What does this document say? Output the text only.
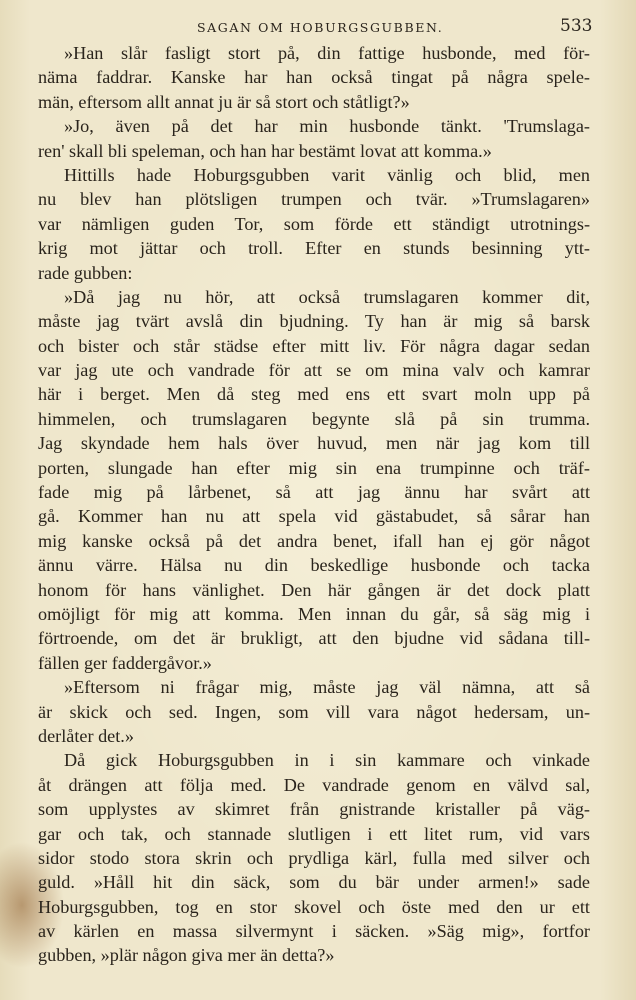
SAGAN OM HOBURGSGUBBEN.	533
»Han slår fasligt stort på, din fattige husbonde, med för-
näma faddrar. Kanske har han också tingat på några spele-
män, eftersom allt annat ju är så stort och ståtligt?»
»Jo, även på det har min husbonde tänkt. 'Trumslaga-
ren' skall bli speleman, och han har bestämt lovat att komma.»
Hittills hade Hoburgsgubben varit vänlig och blid, men
nu blev han plötsligen trumpen och tvär. »Trumslagaren»
var nämligen guden Tor, som förde ett ständigt utrotnings-
krig mot jättar och troll. Efter en stunds besinning ytt-
rade gubben:
»Då jag nu hör, att också trumslagaren kommer dit,
måste jag tvärt avslå din bjudning. Ty han är mig så barsk
och bister och står städse efter mitt liv. För några dagar sedan
var jag ute och vandrade för att se om mina valv och kamrar
här i berget. Men då steg med ens ett svart moln upp på
himmelen, och trumslagaren begynte slå på sin trumma.
Jag skyndade hem hals över huvud, men när jag kom till
porten, slungade han efter mig sin ena trumpinne och träf-
fade mig på lårbenet, så att jag ännu har svårt att
gå. Kommer han nu att spela vid gästabudet, så sårar han
mig kanske också på det andra benet, ifall han ej gör något
ännu värre. Hälsa nu din beskedlige husbonde och tacka
honom för hans vänlighet. Den här gången är det dock platt
omöjligt för mig att komma. Men innan du går, så säg mig i
förtroende, om det är brukligt, att den bjudne vid sådana till-
fällen ger faddergåvor.»
»Eftersom ni frågar mig, måste jag väl nämna, att så
är skick och sed. Ingen, som vill vara något hedersam, un-
derlåter det.»
Då gick Hoburgsgubben in i sin kammare och vinkade
åt drängen att följa med. De vandrade genom en välvd sal,
som upplystes av skimret från gnistrande kristaller på väg-
gar och tak, och stannade slutligen i ett litet rum, vid vars
sidor stodo stora skrin och prydliga kärl, fulla med silver och
guld. »Håll hit din säck, som du bär under armen!» sade
Hoburgsgubben, tog en stor skovel och öste med den ur ett
av kärlen en massa silvermynt i säcken. »Säg mig», fortfor
gubben, »plär någon giva mer än detta?»
